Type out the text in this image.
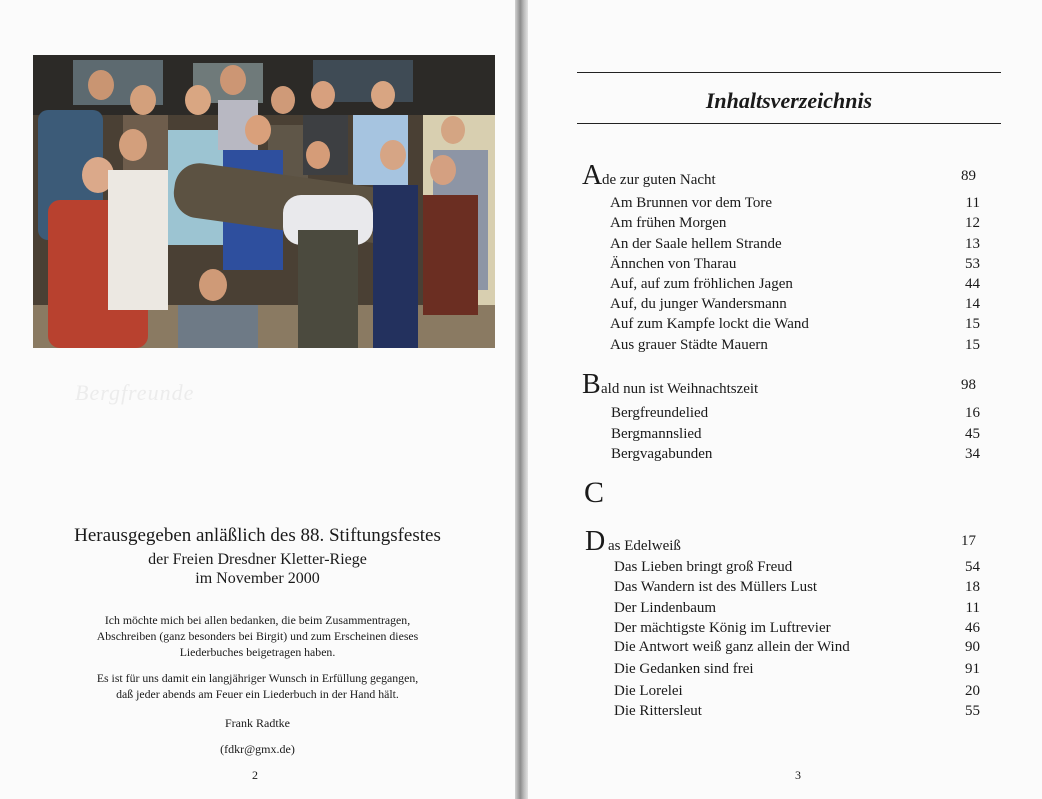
Bergfreunde
Herausgegeben anläßlich des 88. Stiftungsfestes
der Freien Dresdner Kletter-Riege
im November 2000
Ich möchte mich bei allen bedanken, die beim Zusammentragen,
Abschreiben (ganz besonders bei Birgit) und zum Erscheinen dieses
Liederbuches beigetragen haben.
Es ist für uns damit ein langjähriger Wunsch in Erfüllung gegangen,
daß jeder abends am Feuer ein Liederbuch in der Hand hält.
Frank Radtke
(fdkr@gmx.de)
2
Inhaltsverzeichnis
A de zur guten Nacht	89
Am Brunnen vor dem Tore	11
Am frühen Morgen	12
An der Saale hellem Strande	13
Ännchen von Tharau	53
Auf, auf zum fröhlichen Jagen	44
Auf, du junger Wandersmann	14
Auf zum Kampfe lockt die Wand	15
Aus grauer Städte Mauern	15
B ald nun ist Weihnachtszeit	98
Bergfreundelied	16
Bergmannslied	45
Bergvagabunden	34
C
D as Edelweiß	17
Das Lieben bringt groß Freud	54
Das Wandern ist des Müllers Lust	18
Der Lindenbaum	11
Der mächtigste König im Luftrevier	46
Die Antwort weiß ganz allein der Wind	90
Die Gedanken sind frei	91
Die Lorelei	20
Die Rittersleut	55
3
